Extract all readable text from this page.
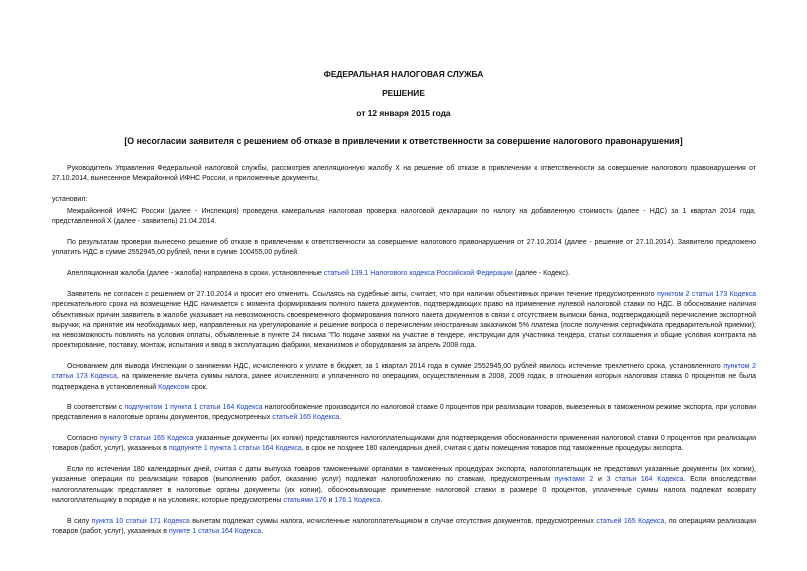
ФЕДЕРАЛЬНАЯ НАЛОГОВАЯ СЛУЖБА
РЕШЕНИЕ
от 12 января 2015 года
[О несогласии заявителя с решением об отказе в привлечении к ответственности за совершение налогового правонарушения]

Руководитель Управления Федеральной налоговой службы, рассмотрев апелляционную жалобу Х на решение об отказе в привлечении к ответственности за совершение налогового правонарушения от 27.10.2014, вынесенное Межрайонной ИФНС России, и приложенные документы,

установил:

Межрайонной ИФНС России (далее - Инспекция) проведена камеральная налоговая проверка налоговой декларации по налогу на добавленную стоимость (далее - НДС) за 1 квартал 2014 года, представленной Х (далее - заявитель) 21.04.2014.

По результатам проверки вынесено решение об отказе в привлечении к ответственности за совершение налогового правонарушения от 27.10.2014 (далее - решение от 27.10.2014). Заявителю предложено уплатить НДС в сумме 2552945,00 рублей, пени в сумме 100455,00 рублей.

Апелляционная жалоба (далее - жалоба) направлена в сроки, установленные статьей 139.1 Налогового кодекса Российской Федерации (далее - Кодекс).

Заявитель не согласен с решением от 27.10.2014 и просит его отменить. Ссылаясь на судебные акты, считает, что при наличии объективных причин течение предусмотренного пунктом 2 статьи 173 Кодекса пресекательного срока на возмещение НДС начинается с момента формирования полного пакета документов, подтверждающих право на применение нулевой налоговой ставки по НДС. В обоснование наличия объективных причин заявитель в жалобе указывает на невозможность своевременного формирования полного пакета документов в связи с отсутствием выписки банка, подтверждающей перечисление экспортной выручки; на принятие им необходимых мер, направленных на урегулирование и решение вопроса о перечислении иностранным заказчиком 5% платежа (после получения сертификата предварительной приемки); на невозможность повлиять на условия оплаты, объявленные в пункте 24 письма "По подаче заявки на участие в тендере, инструкции для участника тендера, статьи соглашения и общие условия контракта на проектирование, поставку, монтаж, испытания и ввод в эксплуатацию фабрики, механизмов и оборудования за апрель 2008 года.

Основанием для вывода Инспекции о занижении НДС, исчисленного к уплате в бюджет, за 1 квартал 2014 года в сумме 2552945,00 рублей явилось истечение трехлетнего срока, установленного пунктом 2 статьи 173 Кодекса, на применение вычета суммы налога, ранее исчисленного и уплаченного по операциям, осуществленным в 2008, 2009 годах, в отношении которых налоговая ставка 0 процентов не была подтверждена в установленный Кодексом срок.

В соответствии с подпунктом 1 пункта 1 статьи 164 Кодекса налогообложение производится по налоговой ставке 0 процентов при реализации товаров, вывезенных в таможенном режиме экспорта, при условии представления в налоговые органы документов, предусмотренных статьей 165 Кодекса.

Согласно пункту 9 статьи 165 Кодекса указанные документы (их копии) представляются налогоплательщиками для подтверждения обоснованности применения налоговой ставки 0 процентов при реализации товаров (работ, услуг), указанных в подпункте 1 пункта 1 статьи 164 Кодекса, в срок не позднее 180 календарных дней, считая с даты помещения товаров под таможенные процедуры экспорта.

Если по истечении 180 календарных дней, считая с даты выпуска товаров таможенными органами в таможенных процедурах экспорта, налогоплательщик не представил указанные документы (их копии), указанные операции по реализации товаров (выполнению работ, оказанию услуг) подлежат налогообложению по ставкам, предусмотренным пунктами 2 и 3 статьи 164 Кодекса. Если впоследствии налогоплательщик представляет в налоговые органы документы (их копии), обосновывающие применение налоговой ставки в размере 0 процентов, уплаченные суммы налога подлежат возврату налогоплательщику в порядке и на условиях, которые предусмотрены статьями 176 и 176.1 Кодекса.

В силу пункта 10 статьи 171 Кодекса вычетам подлежат суммы налога, исчисленные налогоплательщиком в случае отсутствия документов, предусмотренных статьей 165 Кодекса, по операциям реализации товаров (работ, услуг), указанных в пункте 1 статьи 164 Кодекса.
